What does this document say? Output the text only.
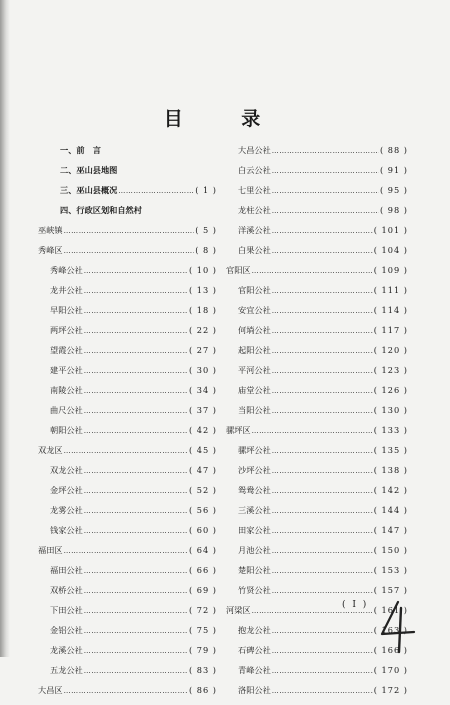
目 录
一、前　言
二、巫山县地图
三、巫山县概况 ………………………………………………………………………………………………………………………………………………	( 1 )
四、行政区划和自然村
巫峡镇 ………………………………………………………………………………………………………………………………………………	( 5 )
秀峰区 ………………………………………………………………………………………………………………………………………………	( 8 )
秀峰公社 ………………………………………………………………………………………………………………………………………………	( 10 )
龙井公社 ………………………………………………………………………………………………………………………………………………	( 13 )
早阳公社 ………………………………………………………………………………………………………………………………………………	( 18 )
两坪公社 ………………………………………………………………………………………………………………………………………………	( 22 )
望霞公社 ………………………………………………………………………………………………………………………………………………	( 27 )
建平公社 ………………………………………………………………………………………………………………………………………………	( 30 )
南陵公社 ………………………………………………………………………………………………………………………………………………	( 34 )
曲尺公社 ………………………………………………………………………………………………………………………………………………	( 37 )
朝阳公社 ………………………………………………………………………………………………………………………………………………	( 42 )
双龙区 ………………………………………………………………………………………………………………………………………………	( 45 )
双龙公社 ………………………………………………………………………………………………………………………………………………	( 47 )
金坪公社 ………………………………………………………………………………………………………………………………………………	( 52 )
龙雾公社 ………………………………………………………………………………………………………………………………………………	( 56 )
钱家公社 ………………………………………………………………………………………………………………………………………………	( 60 )
福田区 ………………………………………………………………………………………………………………………………………………	( 64 )
福田公社 ………………………………………………………………………………………………………………………………………………	( 66 )
双桥公社 ………………………………………………………………………………………………………………………………………………	( 69 )
下田公社 ………………………………………………………………………………………………………………………………………………	( 72 )
金铝公社 ………………………………………………………………………………………………………………………………………………	( 75 )
龙溪公社 ………………………………………………………………………………………………………………………………………………	( 79 )
五龙公社 ………………………………………………………………………………………………………………………………………………	( 83 )
大昌区 ………………………………………………………………………………………………………………………………………………	( 86 )
大昌公社 ………………………………………………………………………………………………………………………………………………	( 88 )
白云公社 ………………………………………………………………………………………………………………………………………………	( 91 )
七里公社 ………………………………………………………………………………………………………………………………………………	( 95 )
龙柱公社 ………………………………………………………………………………………………………………………………………………	( 98 )
洋溪公社 ………………………………………………………………………………………………………………………………………………	( 101 )
白果公社 ………………………………………………………………………………………………………………………………………………	( 104 )
官阳区 ………………………………………………………………………………………………………………………………………………	( 109 )
官阳公社 ………………………………………………………………………………………………………………………………………………	( 111 )
安宜公社 ………………………………………………………………………………………………………………………………………………	( 114 )
何埫公社 ………………………………………………………………………………………………………………………………………………	( 117 )
起阳公社 ………………………………………………………………………………………………………………………………………………	( 120 )
平河公社 ………………………………………………………………………………………………………………………………………………	( 123 )
庙堂公社 ………………………………………………………………………………………………………………………………………………	( 126 )
当阳公社 ………………………………………………………………………………………………………………………………………………	( 130 )
骡坪区 ………………………………………………………………………………………………………………………………………………	( 133 )
骡坪公社 ………………………………………………………………………………………………………………………………………………	( 135 )
沙坪公社 ………………………………………………………………………………………………………………………………………………	( 138 )
鸳鸯公社 ………………………………………………………………………………………………………………………………………………	( 142 )
三溪公社 ………………………………………………………………………………………………………………………………………………	( 144 )
田家公社 ………………………………………………………………………………………………………………………………………………	( 147 )
月池公社 ………………………………………………………………………………………………………………………………………………	( 150 )
楚阳公社 ………………………………………………………………………………………………………………………………………………	( 153 )
竹贤公社 ………………………………………………………………………………………………………………………………………………	( 157 )
河梁区 ………………………………………………………………………………………………………………………………………………	( 161 )
抱龙公社 ………………………………………………………………………………………………………………………………………………	( 163 )
石碑公社 ………………………………………………………………………………………………………………………………………………	( 166 )
青峰公社 ………………………………………………………………………………………………………………………………………………	( 170 )
洛阳公社 ………………………………………………………………………………………………………………………………………………	( 172 )
( I )
